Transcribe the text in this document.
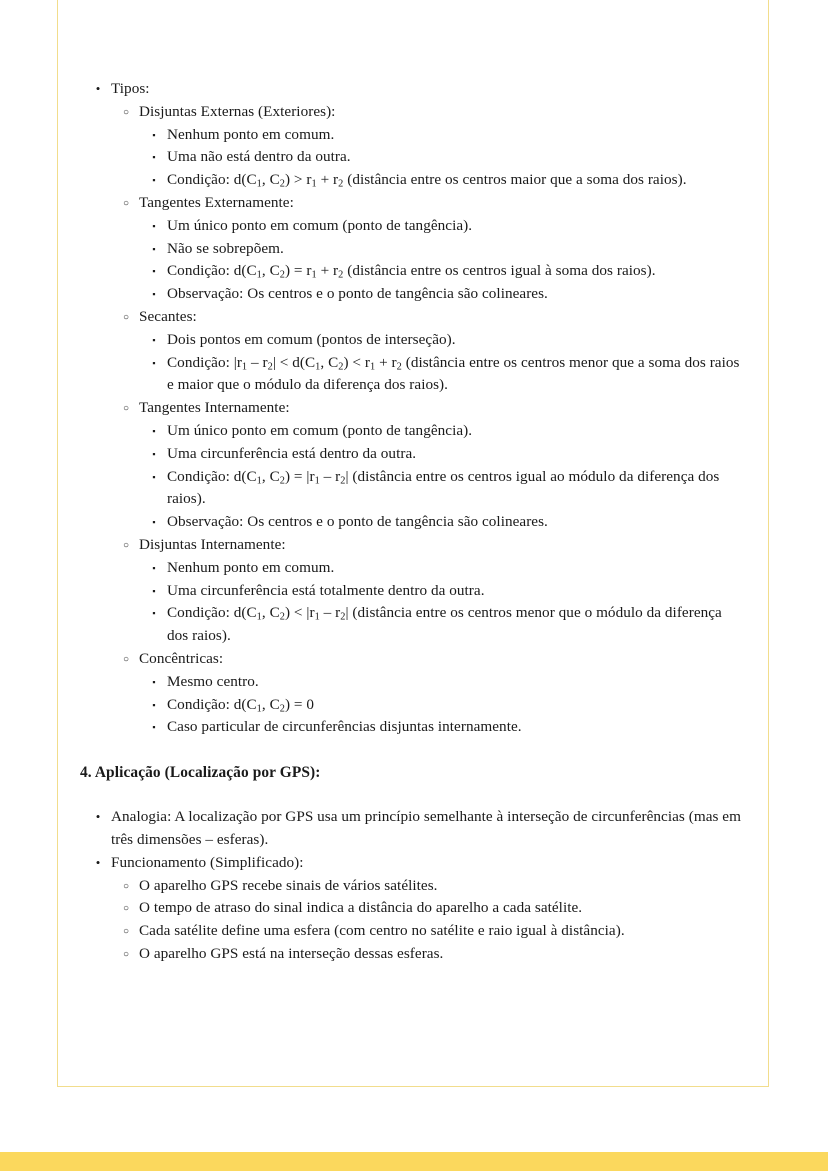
• Tipos:
○ Disjuntas Externas (Exteriores):
▪ Nenhum ponto em comum.
▪ Uma não está dentro da outra.
▪ Condição: $d(C_1$, $C_2) > r_1 + r_2$ (distância entre os centros maior que a soma dos raios).
○ Tangentes Externamente:
▪ Um único ponto em comum (ponto de tangência).
▪ Não se sobrepõem.
▪ Condição: $d(C_1$, $C_2) = r_1 + r_2$ (distância entre os centros igual à soma dos raios).
▪ Observação: Os centros e o ponto de tangência são colineares.
○ Secantes:
▪ Dois pontos em comum (pontos de interseção).
▪ Condição: $|r_1 - r_2| < d(C_1$, $C_2) < r_1 + r_2$ (distância entre os centros menor que a soma dos raios e maior que o módulo da diferença dos raios).
○ Tangentes Internamente:
▪ Um único ponto em comum (ponto de tangência).
▪ Uma circunferência está dentro da outra.
▪ Condição: $d(C_1$, $C_2) = |r_1 - r_2|$ (distância entre os centros igual ao módulo da diferença dos raios).
▪ Observação: Os centros e o ponto de tangência são colineares.
○ Disjuntas Internamente:
▪ Nenhum ponto em comum.
▪ Uma circunferência está totalmente dentro da outra.
▪ Condição: $d(C_1$, $C_2) < |r_1 - r_2|$ (distância entre os centros menor que o módulo da diferença dos raios).
○ Concêntricas:
▪ Mesmo centro.
▪ Condição: $d(C_1$, $C_2) = 0$
▪ Caso particular de circunferências disjuntas internamente.
4. Aplicação (Localização por GPS):
• Analogia: A localização por GPS usa um princípio semelhante à interseção de circunferências (mas em três dimensões – esferas).
• Funcionamento (Simplificado):
○ O aparelho GPS recebe sinais de vários satélites.
○ O tempo de atraso do sinal indica a distância do aparelho a cada satélite.
○ Cada satélite define uma esfera (com centro no satélite e raio igual à distância).
○ O aparelho GPS está na interseção dessas esferas.
